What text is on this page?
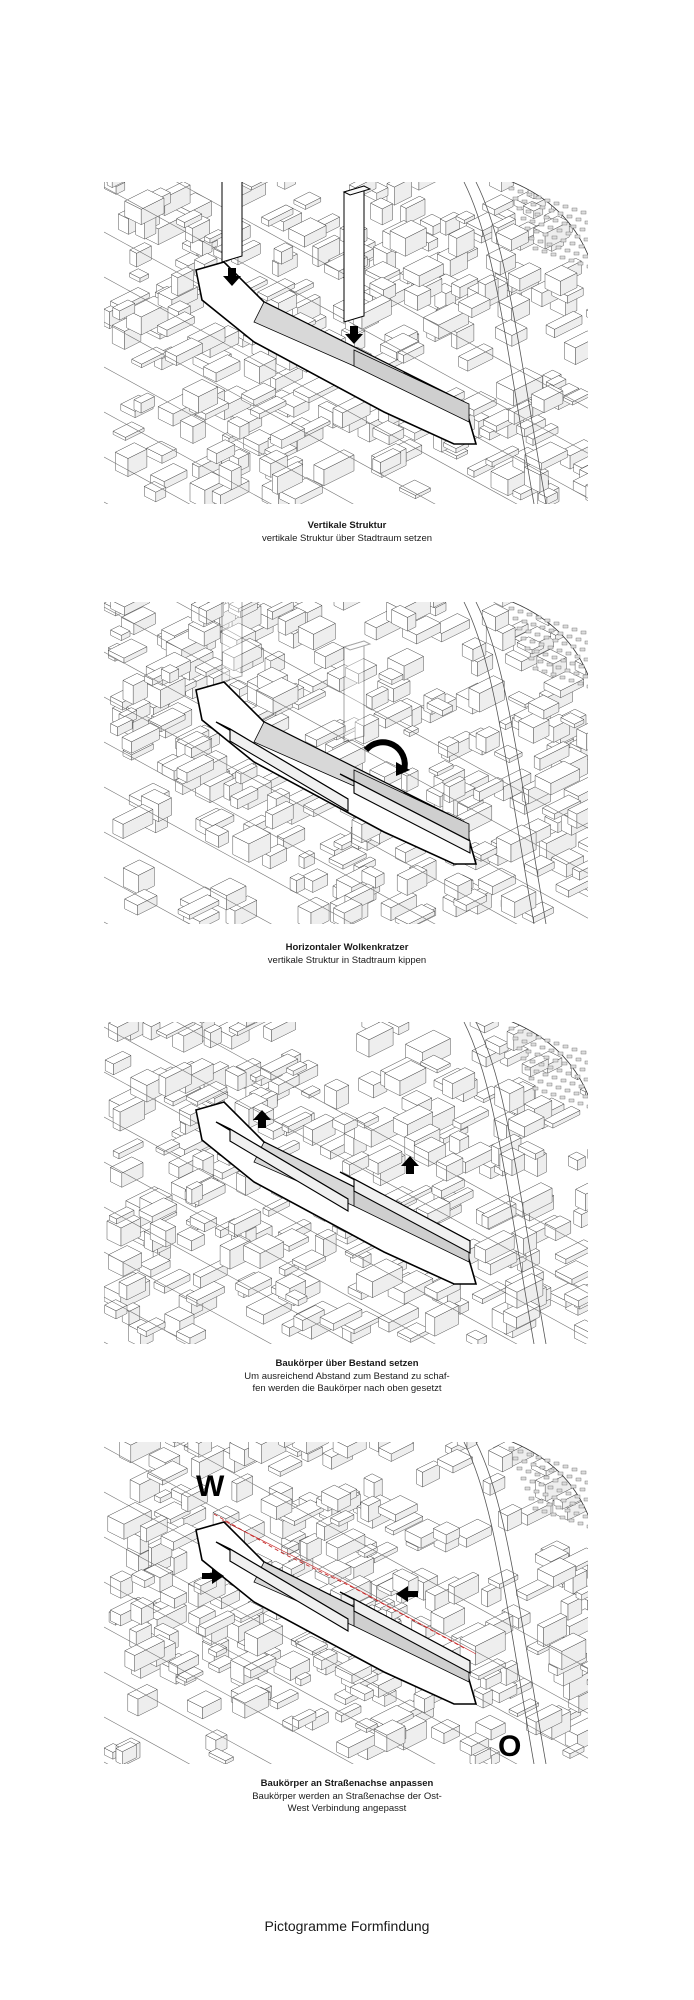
Vertikale Struktur
vertikale Struktur über Stadtraum setzen
Horizontaler Wolkenkratzer
vertikale Struktur in Stadtraum kippen
Baukörper über Bestand setzen
Um ausreichend Abstand zum Bestand zu schaf-
fen werden die Baukörper nach oben gesetzt
W
O
Baukörper an Straßenachse anpassen
Baukörper werden an Straßenachse der Ost-
West Verbindung angepasst
Pictogramme Formfindung
